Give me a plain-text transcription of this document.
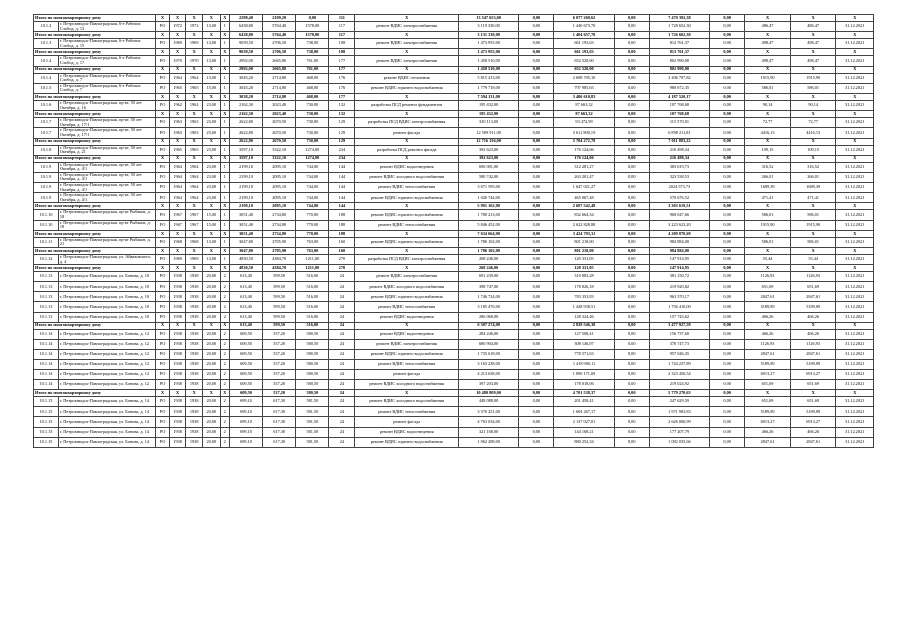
Итого по многоквартирному дому		X	X	X	X	X	2298,40	2109,20	0,00	111	X	13 547 653,00	0,00	6 077 260,62	0,00	7 470 392,38	0,00	X	X	X
10.1.2	г. Петрозаводск-Павлоградская, 6-е Рабочих Слобод, д. 13	РО	1972	1972	13,00	1	6438,80	5764,40	1578,00	117	ремонт ВДИС электроснабжения	3 119 330,00	0,00	1 440 673,70	0,00	1 728 652,30	0,00	486,47	486,47	31.12.2021
Итого по многоквартирному дому		X	X	X	X	X	6438,80	5764,40	1578,00	117	X	3 131 330,00	0,00	1 404 657,70	0,00	1 726 662,30	0,00	X	X	X
10.1.3	г. Петрозаводск-Павлоградская, 6-е Рабочих Слобод, д. 15	РО	1969	1969	13,00	1	9039,50	2706,50	738,00	108	ремонт ВДИС электроснабжения	1 473 955,00	0,00	661 193,63	0,00	812 761,37	0,00	498,47	498,47	31.12.2021
Итого по многоквартирному дому		X	X	X	X	X	9039,50	2706,50	738,00	108	X	1 473 955,00	0,00	661 193,63	0,00	813 761,37	0,00	X	X	X
10.1.4	г. Петрозаводск-Павлоградская, 6-е Рабочих Слобод, д. 17	РО	1970	1970	13,00	1	2992,00	2665,80	761,00	177	ремонт ВДИС электроснабжения	1 458 510,00	0,00	652 520,00	0,00	802 990,00	0,00	498,47	498,47	31.12.2021
Итого по многоквартирному дому		X	X	X	X	X	2992,00	2665,80	761,00	177	X	1 458 510,00	0,00	652 520,00	0,00	802 990,00	0,00	X	X	X
10.1.4	г. Петрозаводск-Павлоградская, 6-е Рабочих Слобод, д. 7	РО	1964	1964	13,00	1	3045,20	2714,80	468,00	176	ремонт ВДИС отопления	5 815 413,00	0,00	2 608 705,10	0,00	3 206 707,82	0,00	1915,90	1915,90	31.12.2021
10.1.5	г. Петрозаводск-Павлоградская, 6-е Рабочих Слобод, д. 7	РО	1965	1965	15,00	1	3045,20	2714,80	468,00	176	ремонт ВДИС горячего водоснабжения	1 779 718,00	0,00	797 985,65	0,00	980 672,35	0,00	586,01	586,01	31.12.2021
Итого по многоквартирному дому		X	X	X	X	X	3038,20	2714,80	468,00	177	X	7 594 131,00	0,00	3 406 610,83	0,00	4 187 520,17	0,00	X	X	X
10.1.6	г. Петрозаводск-Павлоградская, пр-кт, 50 лет Октября, д. 16	РО	1962	1962	23,00	1	2162,30	2023,40	730,00	132	разработка ПСД ремонта фундаментов	195 432,00	0,00	87 663,32	0,00	107 768,68	0,00	90,14	90,14	31.12.2021
Итого по многоквартирному дому		X	X	X	X	X	2162,30	2023,40	730,00	132	X	195 432,00	0,00	87 663,32	0,00	107 768,68	0,00	X	X	X
10.1.7	г. Петрозаводск-Павлоградская, пр-кт, 50 лет Октября, д. 17/1	РО	1963	1963	23,00	1	2622,80	2670,50	730,00	129	разработка ПСД ВДИС электроснабжения	330 113,00	0,00	93 472,99	0,00	115 570,01	0,00	72,77	72,77	31.12.2021
10.1.7	г. Петрозаводск-Павлоградская, пр-кт, 50 лет Октября, д. 17/1	РО	1963	1963	23,00	1	2622,80	2670,50	730,00	129	ремонт фасада	12 509 911,00	0,00	5 611 800,19	0,00	6 898 211,81	0,00	4416,13	4416,13	31.12.2021
Итого по многоквартирному дому		X	X	X	X	X	2622,80	2670,50	730,00	129	X	12 716 156,00	0,00	5 704 272,78	0,00	7 011 883,22	0,00	X	X	X
10.1.8	г. Петрозаводск-Павлоградская, пр-кт, 50 лет Октября, д. 21	РО	1965	1965	23,00	1	3597,10	3322,10	1274,00	234	разработка ПСД ремонта фасада	392 623,00	0,00	176 124,66	0,00	216 498,34	0,00	109,15	109,15	31.12.2021
Итого по многоквартирному дому		X	X	X	X	X	3597,10	3322,10	1274,00	234	X	392 623,00	0,00	176 124,66	0,00	216 498,34	0,00	X	X	X
10.1.9	г. Петрозаводск-Павлоградская, пр-кт, 50 лет Октября, д. 4/1	РО	1964	1964	23,00	1	2199,10	2095,10	744,00	144	ремонт ВДИС водоотведения	690 001,00	0,00	312 281,27	0,00	383 619,73	0,00	316,52	316,52	31.12.2021
10.1.9	г. Петрозаводск-Павлоградская, пр-кт, 50 лет Октября, д. 4/1	РО	1964	1964	23,00	1	2199,10	2095,10	744,00	144	ремонт ВДИС холодного водоснабжения	580 742,00	0,00	263 201,47	0,00	323 538,53	0,00	266,01	266,01	31.12.2021
10.1.9	г. Петрозаводск-Павлоградская, пр-кт, 50 лет Октября, д. 4/1	РО	1964	1964	23,00	1	2199,10	2095,10	744,00	144	ремонт ВДИС теплоснабжения	3 671 595,00	0,00	1 647 021,27	0,00	2024 573,73	0,00	1689,39	1689,39	31.12.2021
10.1.9	г. Петрозаводск-Павлоградская, пр-кт, 50 лет Октября, д. 4/1	РО	1964	1964	23,00	1	2199,10	2095,10	744,00	144	ремонт ВДИС горячего водоснабжения	1 026 744,00	0,00	465 067,48	0,00	570 676,52	0,00	471,41	471,41	31.12.2021
Итого по многоквартирному дому		X	X	X	X	X	2199,10	2095,10	744,00	144	X	5 991 162,00	0,00	2 687 542,48	0,00	3 303 619,51	0,00	X	X	X
10.1.10	г. Петрозаводск-Павлоградская, пр-кт Рыбаков, д. 18	РО	1967	1967	15,00	1	3051,40	2734,80	770,00	188	ремонт ВДИС горячего водоснабжения	1 780 213,00	0,00	832 664,34	0,00	968 047,66	0,00	586,01	586,01	31.12.2021
10.1.10	г. Петрозаводск-Павлоградская, пр-кт Рыбаков, д. 18	РО	1967	1967	15,00	1	3051,40	2734,80	770,00	188	ремонт ВДИС теплоснабжения	5 846 452,00	0,00	2 622 828,88	0,00	3 223 623,20	0,00	1915,90	1915,90	31.12.2021
Итого по многоквартирному дому		X	X	X	X	X	3051,40	2734,80	770,00	188	X	7 634 664,00	0,00	3 424 793,31	0,00	4 209 870,69	0,00	X	X	X
10.1.11	г. Петрозаводск-Павлоградская, пр-кт Рыбаков, д. 21	РО	1968	1968	13,00	1	3047,80	2705,90	763,00	160	ремонт ВДИС горячего водоснабжения	1 786 102,00	0,00	801 218,00	0,00	984 884,00	0,00	586,01	586,01	31.12.2021
Итого по многоквартирному дому		X	X	X	X	X	3047,80	2705,90	763,00	160	X	1 786 102,00	0,00	801 218,00	0,00	984 884,00	0,00	X	X	X
10.1.12	г. Петрозаводск-Павлоградская, ул. Айвазовского, д. 4	РО	1969	1969	13,00	1	4830,50	4384,70	1211,00	270	разработка ПСД ВДИС электроснабжения	268 246,00	0,00	120 331,05	0,00	147 914,95	0,00	55,44	55,44	31.12.2021
Итого по многоквартирному дому		X	X	X	X	X	4830,50	4384,70	1211,00	270	X	268 246,00	0,00	120 331,05	0,00	147 914,95	0,00	X	X	X
10.1.13	г. Петрозаводск-Павлоградская, ул. Бонова, д. 10	РО	1938	1938	20,00	2	613,40	599,50	516,00	24	ремонт ВДИС электроснабжения	691 239,00	0,00	310 083,28	0,00	381 150,72	0,00	1126,93	1126,93	31.12.2021
10.1.13	г. Петрозаводск-Павлоградская, ул. Бонова, д. 10	РО	1938	1938	20,00	2	613,40	599,50	516,00	24	ремонт ВДИС холодного водоснабжения	398 747,00	0,00	178 826,18	0,00	219 920,82	0,00	651,69	651,69	31.12.2021
10.1.13	г. Петрозаводск-Павлоградская, ул. Бонова, д. 10	РО	1938	1938	20,00	2	613,40	599,50	516,00	24	ремонт ВДИС горячего водоснабжения	1 746 724,00	0,00	783 353,83	0,00	963 370,17	0,00	2847,61	2847,61	31.12.2021
10.1.13	г. Петрозаводск-Павлоградская, ул. Бонова, д. 10	РО	1938	1938	20,00	2	613,40	599,50	516,00	24	ремонт ВДИС теплоснабжения	3 185 476,00	0,00	1 428 938,51	0,00	1 756 410,00	0,00	5189,89	5189,89	31.12.2021
10.1.13	г. Петрозаводск-Павлоградская, ул. Бонова, д. 10	РО	1938	1938	20,00	2	613,40	599,50	516,00	24	ремонт ВДИС водоотведения	286 068,00	0,00	128 324,46	0,00	157 743,62	0,00	466,26	466,26	31.12.2021
Итого по многоквартирному дому		X	X	X	X	X	613,40	599,50	516,00	24	X	6 307 274,00	0,00	2 829 546,38	0,00	3 477 927,59	0,00	X	X	X
10.1.14	г. Петрозаводск-Павлоградская, ул. Бонова, д. 12	РО	1938	1938	20,00	2	609,50	537,20	580,50	24	ремонт ВДИС водоотведения	284 246,00	0,00	127 508,41	0,00	156 737,60	0,00	466,26	466,26	31.12.2021
10.1.14	г. Петрозаводск-Павлоградская, ул. Бонова, д. 12	РО	1938	1938	20,00	2	609,50	537,20	580,50	24	ремонт ВДИС электроснабжения	686 904,00	0,00	308 146,07	0,00	378 747,73	0,00	1126,93	1126,93	31.12.2021
10.1.14	г. Петрозаводск-Павлоградская, ул. Бонова, д. 12	РО	1938	1938	20,00	2	609,50	537,20	580,50	24	ремонт ВДИС горячего водоснабжения	1 735 618,00	0,00	778 571,63	0,00	957 046,35	0,00	2847,61	2847,61	31.12.2021
10.1.14	г. Петрозаводск-Павлоградская, ул. Бонова, д. 12	РО	1938	1938	20,00	2	609,50	537,20	580,50	24	ремонт ВДИС теплоснабжения	3 163 238,00	0,00	1 418 900,11	0,00	1 744 237,89	0,00	5189,89	5189,89	31.12.2021
10.1.14	г. Петрозаводск-Павлоградская, ул. Бонова, д. 12	РО	1938	1938	20,00	2	609,50	537,20	580,50	24	ремонт фасада	4 213 638,00	0,00	1 890 171,09	0,00	2 323 456,54	0,00	6913,27	6913,27	31.12.2021
10.1.14	г. Петрозаводск-Павлоградская, ул. Бонова, д. 12	РО	1938	1938	20,00	2	609,50	537,20	580,50	24	ремонт ВДИС холодного водоснабжения	397 203,00	0,00	178 018,06	0,00	219 024,92	0,00	651,69	651,69	31.12.2021
Итого по многоквартирному дому		X	X	X	X	X	609,50	537,20	580,50	24	X	10 480 809,00	0,00	4 701 538,37	0,00	5 779 270,63	0,00	X	X	X
10.1.15	г. Петрозаводск-Павлоградская, ул. Бонова, д. 14	РО	1938	1938	20,00	2	699,10	617,30	581,50	24	ремонт ВДИС холодного водоснабжения	448 088,00	0,00	201 458,41	0,00	247 629,59	0,00	651,69	651,69	31.12.2021
10.1.15	г. Петрозаводск-Павлоградская, ул. Бонова, д. 14	РО	1938	1938	20,00	2	699,10	617,30	581,50	24	ремонт ВДИС теплоснабжения	3 576 251,00	0,00	1 604 267,17	0,00	1 971 983,83	0,00	5189,89	5189,89	31.12.2021
10.1.15	г. Петрозаводск-Павлоградская, ул. Бонова, д. 14	РО	1938	1938	20,00	2	699,10	617,30	581,50	24	ремонт фасада	4 763 034,00	0,00	2 137 027,01	0,00	2 626 006,99	0,00	6913,27	6913,27	31.12.2021
10.1.15	г. Петрозаводск-Павлоградская, ул. Бонова, д. 14	РО	1938	1938	20,00	2	699,10	617,30	581,50	24	ремонт ВДИС водоотведения	321 168,00	0,00	144 168,21	0,00	177 207,79	0,00	466,26	466,26	31.12.2021
10.1.15	г. Петрозаводск-Павлоградская, ул. Бонова, д. 14	РО	1938	1938	20,00	2	699,10	617,30	581,50	24	ремонт ВДИС горячего водоснабжения	1 962 288,00	0,00	880 252,34	0,00	1 082 035,66	0,00	2847,61	2847,61	31.12.2021
